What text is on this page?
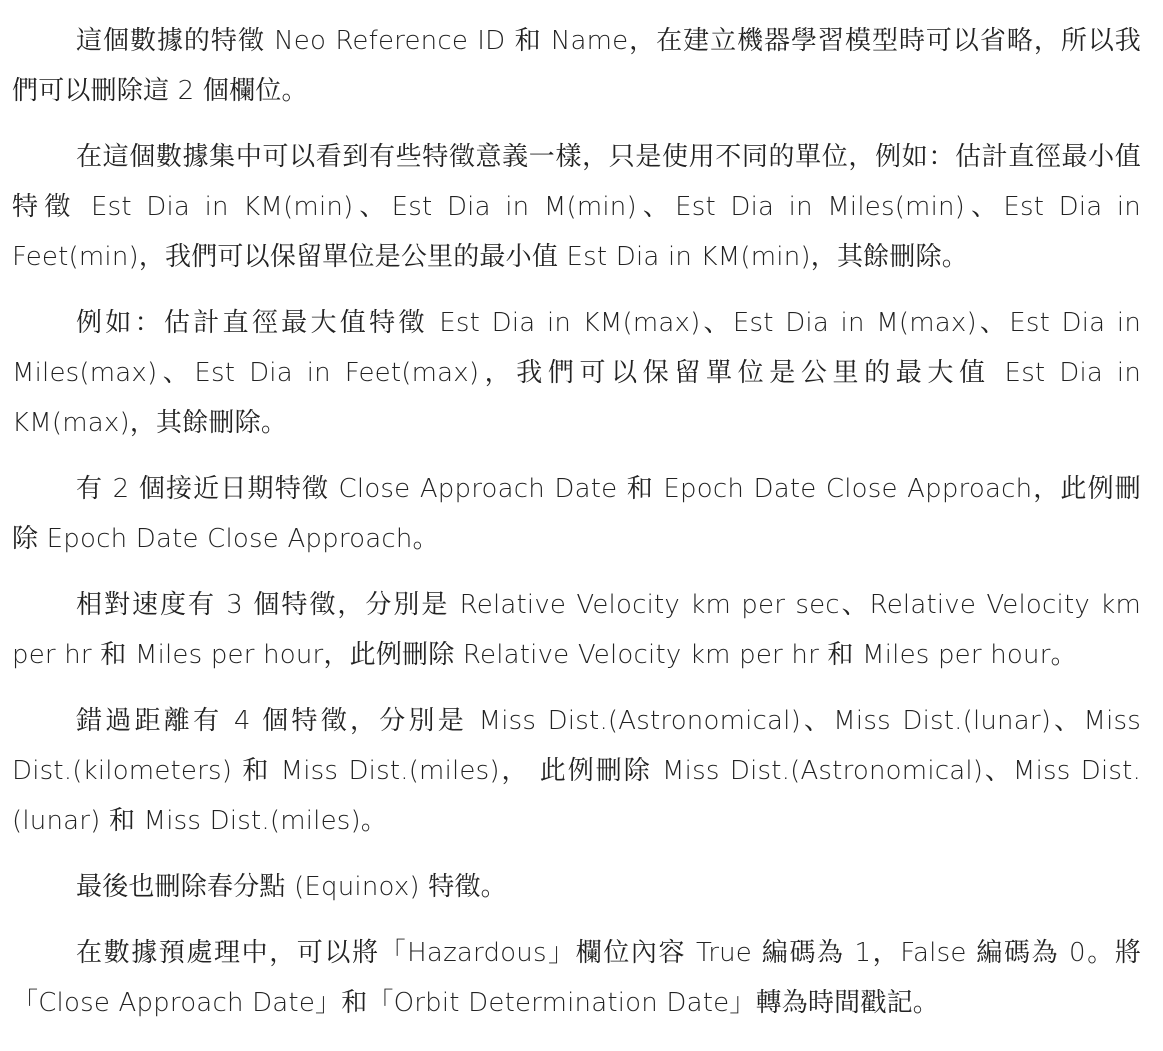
這個數據的特徵 Neo Reference ID 和 Name，在建立機器學習模型時可以省略，所以我們可以刪除這 2 個欄位。

在這個數據集中可以看到有些特徵意義一樣，只是使用不同的單位，例如：估計直徑最小值特徵 Est Dia in KM(min)、Est Dia in M(min)、Est Dia in Miles(min)、Est Dia in Feet(min)，我們可以保留單位是公里的最小值 Est Dia in KM(min)，其餘刪除。

例如：估計直徑最大值特徵 Est Dia in KM(max)、Est Dia in M(max)、Est Dia in Miles(max)、Est Dia in Feet(max)，我們可以保留單位是公里的最大值 Est Dia in KM(max)，其餘刪除。

有 2 個接近日期特徵 Close Approach Date 和 Epoch Date Close Approach，此例刪除 Epoch Date Close Approach。

相對速度有 3 個特徵，分別是 Relative Velocity km per sec、Relative Velocity km per hr 和 Miles per hour，此例刪除 Relative Velocity km per hr 和 Miles per hour。

錯過距離有 4 個特徵，分別是 Miss Dist.(Astronomical)、Miss Dist.(lunar)、Miss Dist.(kilometers) 和 Miss Dist.(miles)， 此例刪除 Miss Dist.(Astronomical)、Miss Dist.(lunar) 和 Miss Dist.(miles)。

最後也刪除春分點 (Equinox) 特徵。

在數據預處理中，可以將「Hazardous」欄位內容 True 編碼為 1，False 編碼為 0。將「Close Approach Date」和「Orbit Determination Date」轉為時間戳記。
